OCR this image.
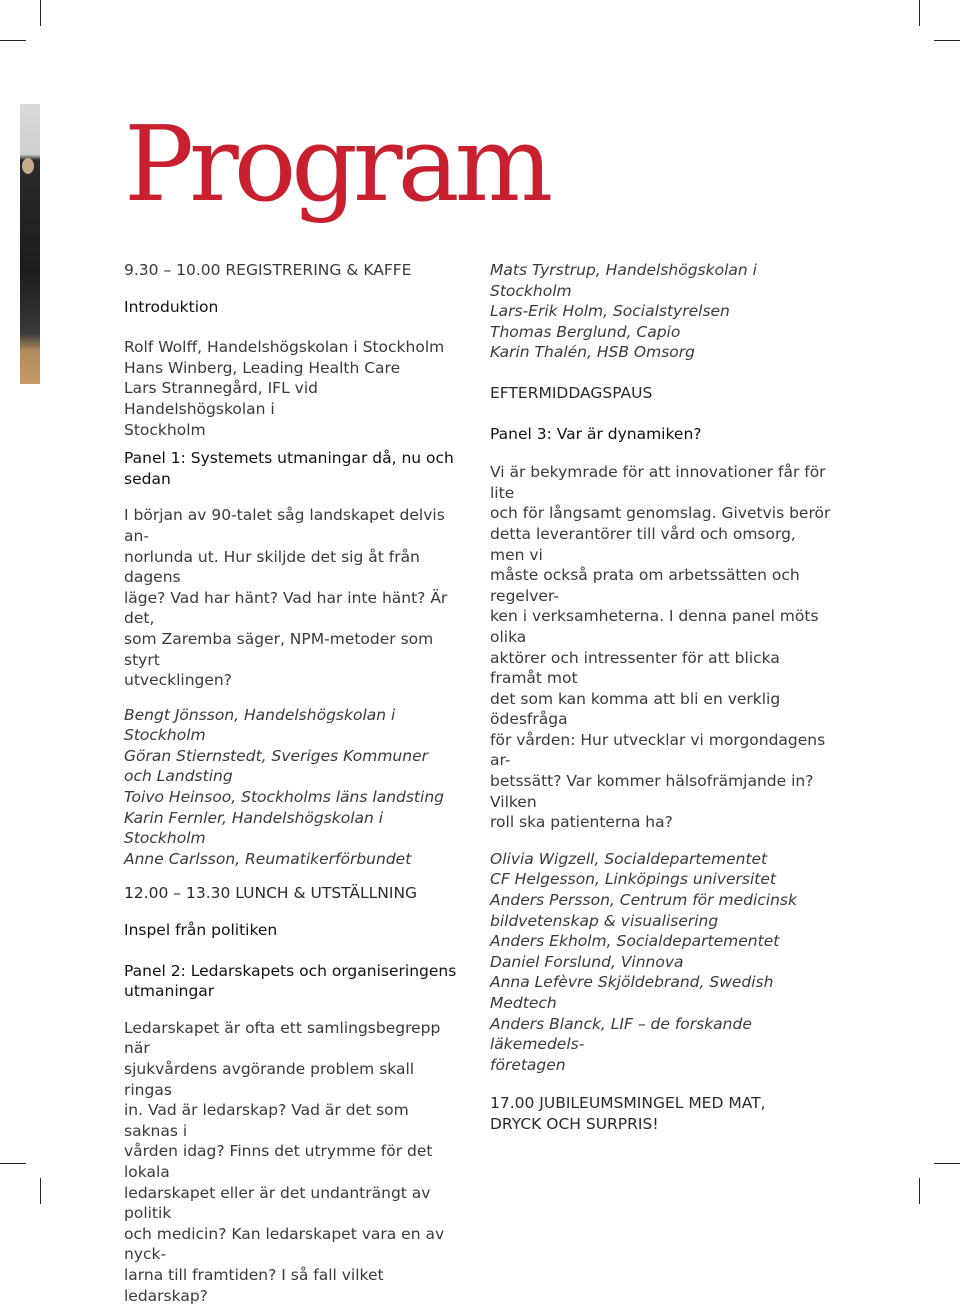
Program

9.30 – 10.00 REGISTRERING & KAFFE

Introduktion

Rolf Wolff, Handelshögskolan i Stockholm

Hans Winberg, Leading Health Care

Lars Strannegård, IFL vid Handelshögskolan i

Stockholm

Panel 1: Systemets utmaningar då, nu och sedan

I början av 90-talet såg landskapet delvis an-

norlunda ut. Hur skiljde det sig åt från dagens

läge? Vad har hänt? Vad har inte hänt? Är det,

som Zaremba säger, NPM-metoder som styrt

utvecklingen?

Bengt Jönsson, Handelshögskolan i Stockholm

Göran Stiernstedt, Sveriges Kommuner

och Landsting

Toivo Heinsoo, Stockholms läns landsting

Karin Fernler, Handelshögskolan i Stockholm

Anne Carlsson, Reumatikerförbundet

12.00 – 13.30 LUNCH & UTSTÄLLNING

Inspel från politiken

Panel 2: Ledarskapets och organiseringens

utmaningar

Ledarskapet är ofta ett samlingsbegrepp när

sjukvårdens avgörande problem skall ringas

in. Vad är ledarskap? Vad är det som saknas i

vården idag? Finns det utrymme för det lokala

ledarskapet eller är det undanträngt av politik

och medicin? Kan ledarskapet vara en av nyck-

larna till framtiden? I så fall vilket ledarskap?

Mats Tyrstrup, Handelshögskolan i Stockholm

Lars-Erik Holm, Socialstyrelsen

Thomas Berglund, Capio

Karin Thalén, HSB Omsorg

EFTERMIDDAGSPAUS

Panel 3: Var är dynamiken?

Vi är bekymrade för att innovationer får för lite

och för långsamt genomslag. Givetvis berör

detta leverantörer till vård och omsorg, men vi

måste också prata om arbetssätten och regelver-

ken i verksamheterna. I denna panel möts olika

aktörer och intressenter för att blicka framåt mot

det som kan komma att bli en verklig ödesfråga

för vården: Hur utvecklar vi morgondagens ar-

betssätt? Var kommer hälsofrämjande in? Vilken

roll ska patienterna ha?

Olivia Wigzell, Socialdepartementet

CF Helgesson, Linköpings universitet

Anders Persson, Centrum för medicinsk

bildvetenskap & visualisering

Anders Ekholm, Socialdepartementet

Daniel Forslund, Vinnova

Anna Lefèvre Skjöldebrand, Swedish Medtech

Anders Blanck, LIF – de forskande läkemedels-

företagen

17.00 JUBILEUMSMINGEL MED MAT,

DRYCK OCH SURPRIS!
